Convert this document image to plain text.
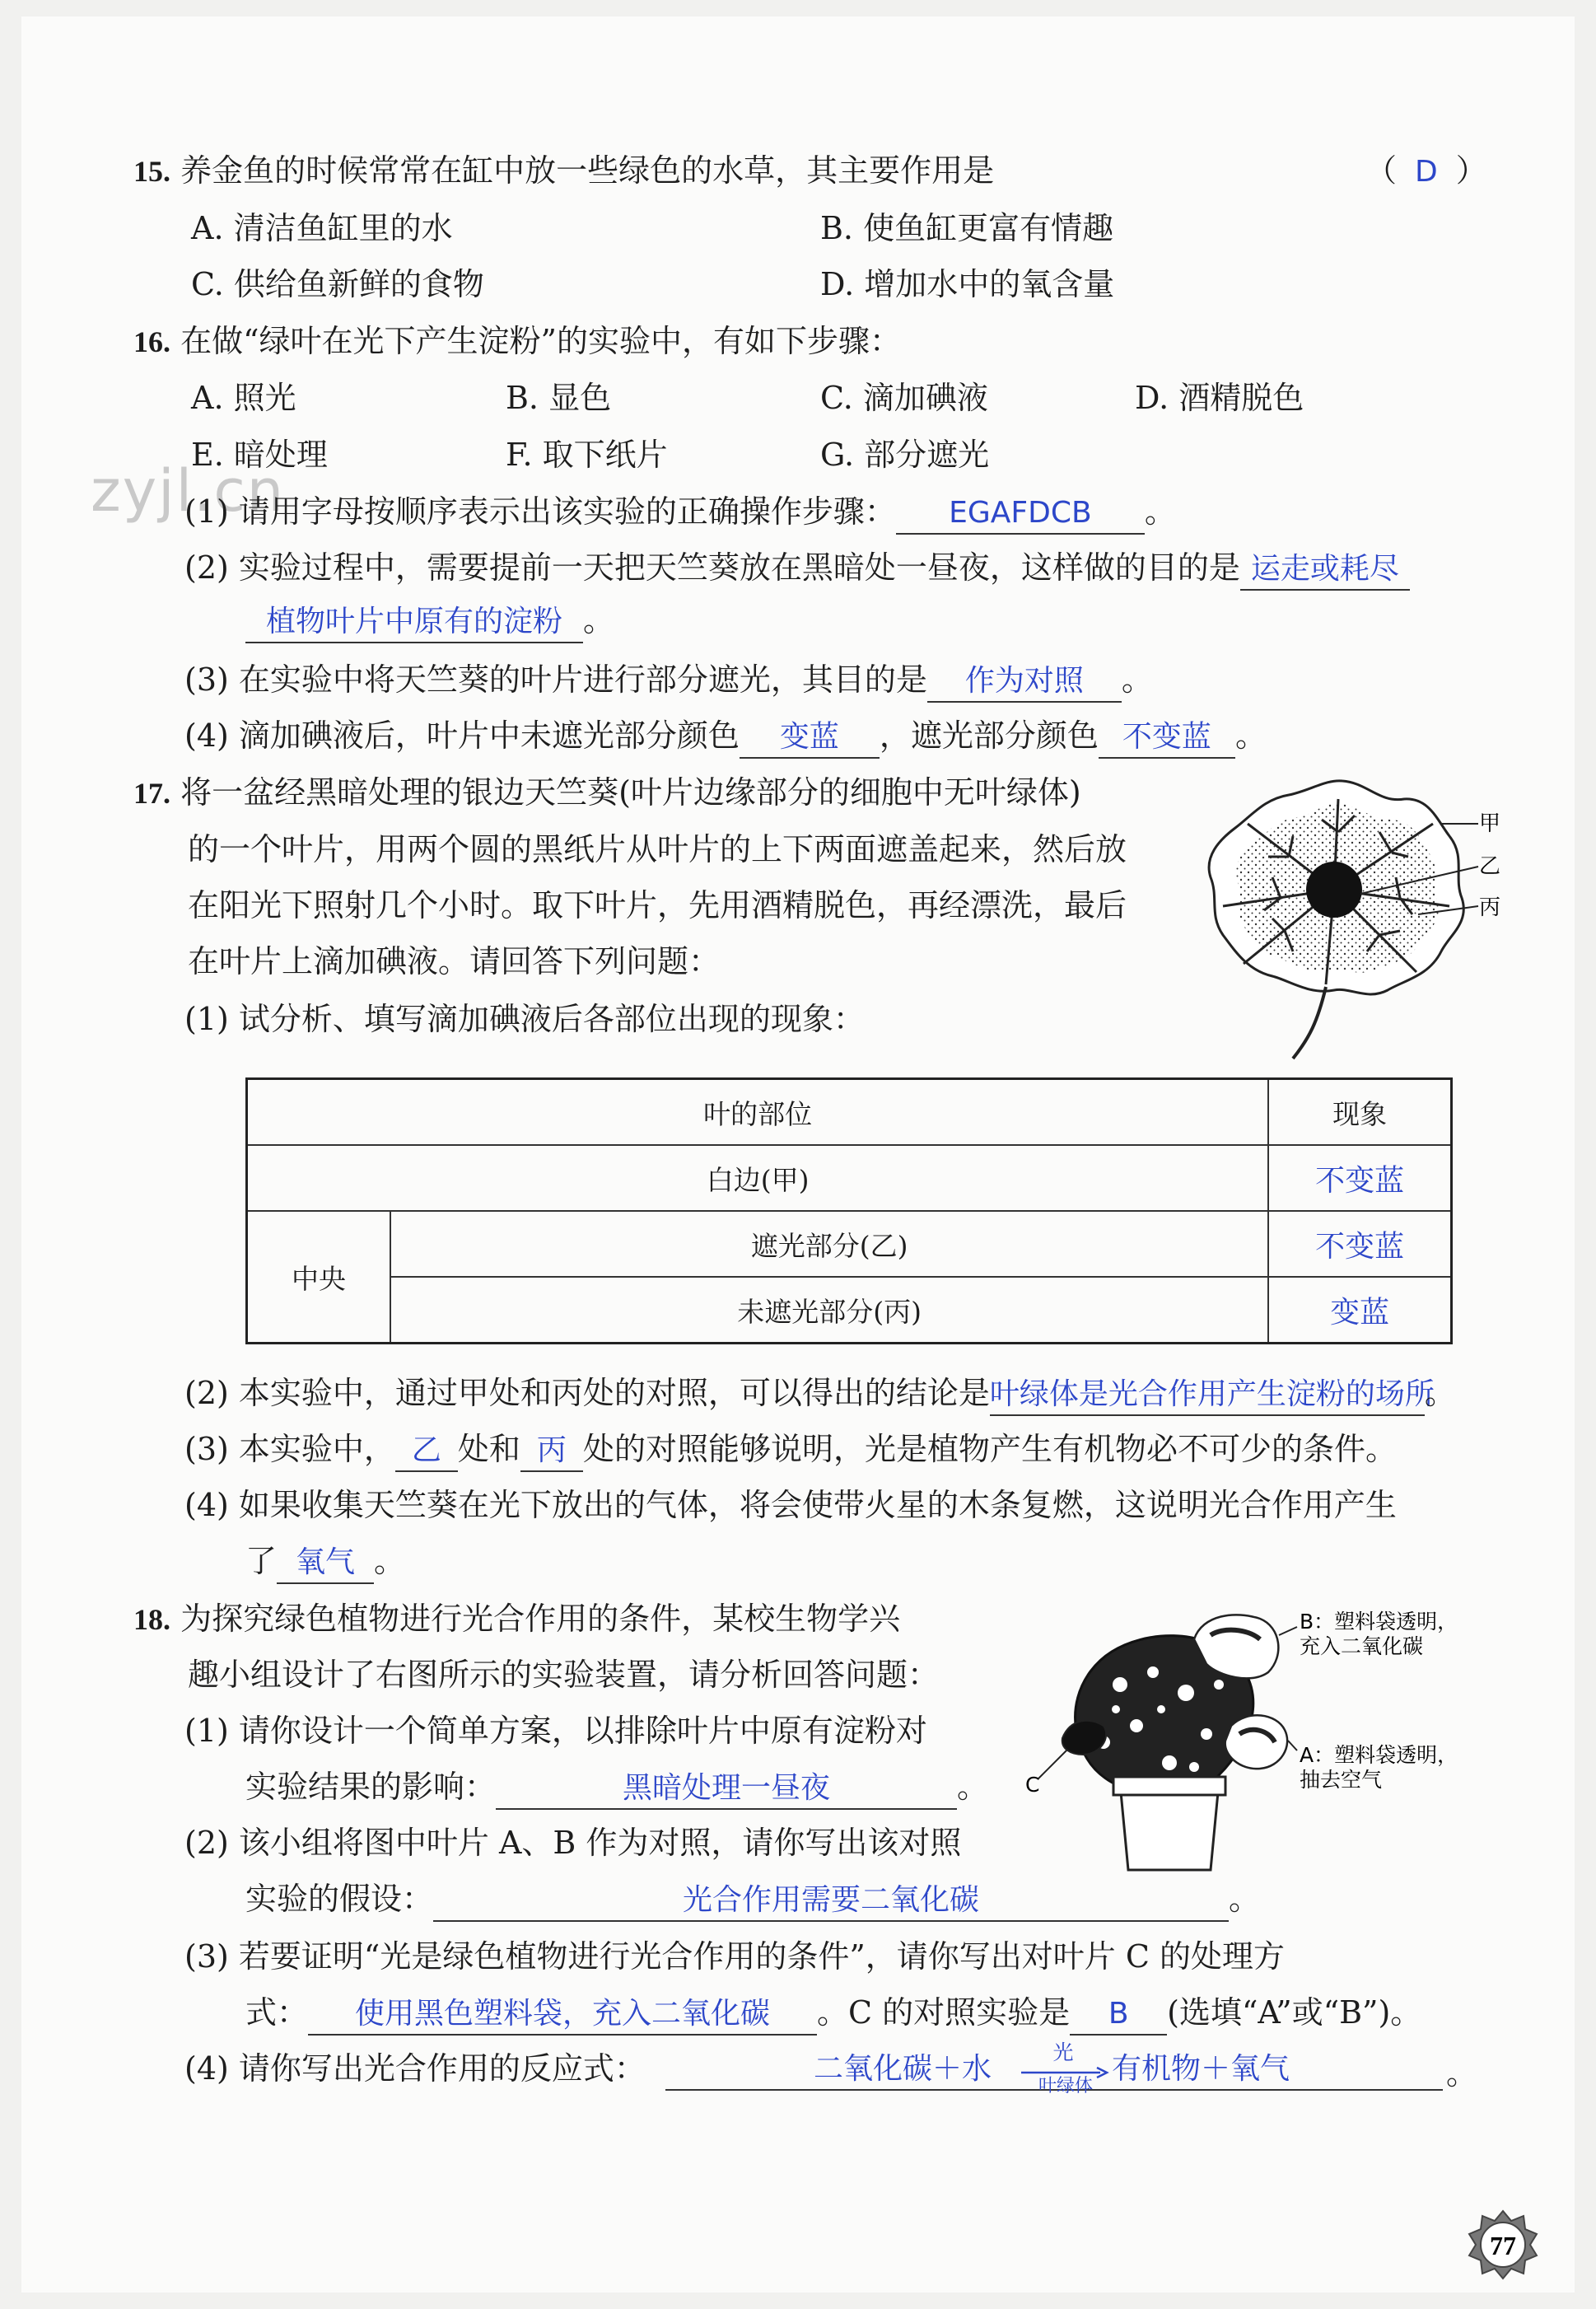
zyjl.cn
15. 养金鱼的时候常常在缸中放一些绿色的水草，其主要作用是	（ D ）
A. 清洁鱼缸里的水	B. 使鱼缸更富有情趣
C. 供给鱼新鲜的食物	D. 增加水中的氧含量
16. 在做“绿叶在光下产生淀粉”的实验中，有如下步骤：
A. 照光	B. 显色	C. 滴加碘液	D. 酒精脱色
E. 暗处理	F. 取下纸片	G. 部分遮光
(1) 请用字母按顺序表示出该实验的正确操作步骤： EGAFDCB 。
(2) 实验过程中，需要提前一天把天竺葵放在黑暗处一昼夜，这样做的目的是 运走或耗尽
植物叶片中原有的淀粉 。
(3) 在实验中将天竺葵的叶片进行部分遮光，其目的是 作为对照 。
(4) 滴加碘液后，叶片中未遮光部分颜色 变蓝 ，遮光部分颜色 不变蓝 。
17. 将一盆经黑暗处理的银边天竺葵(叶片边缘部分的细胞中无叶绿体)
的一个叶片，用两个圆的黑纸片从叶片的上下两面遮盖起来，然后放
在阳光下照射几个小时。取下叶片，先用酒精脱色，再经漂洗，最后
在叶片上滴加碘液。请回答下列问题：
甲
乙
丙
(1) 试分析、填写滴加碘液后各部位出现的现象：
叶的部位		现象
白边(甲)		不变蓝
中央	遮光部分(乙)	不变蓝
	未遮光部分(丙)	变蓝
(2) 本实验中，通过甲处和丙处的对照，可以得出的结论是叶绿体是光合作用产生淀粉的场所。
(3) 本实验中， 乙 处和 丙 处的对照能够说明，光是植物产生有机物必不可少的条件。
(4) 如果收集天竺葵在光下放出的气体，将会使带火星的木条复燃，这说明光合作用产生
了 氧气 。
18. 为探究绿色植物进行光合作用的条件，某校生物学兴
趣小组设计了右图所示的实验装置，请分析回答问题：
B：塑料袋透明，
充入二氧化碳
A：塑料袋透明，
抽去空气
C
(1) 请你设计一个简单方案，以排除叶片中原有淀粉对
实验结果的影响：	黑暗处理一昼夜	。
(2) 该小组将图中叶片 A、B 作为对照，请你写出该对照
实验的假设：	光合作用需要二氧化碳	。
(3) 若要证明“光是绿色植物进行光合作用的条件”，请你写出对叶片 C 的处理方
式： 使用黑色塑料袋，充入二氧化碳 。C 的对照实验是 B (选填“A”或“B”)。
(4) 请你写出光合作用的反应式：	二氧化碳＋水	光
叶绿体
有机物＋氧气	。
77
